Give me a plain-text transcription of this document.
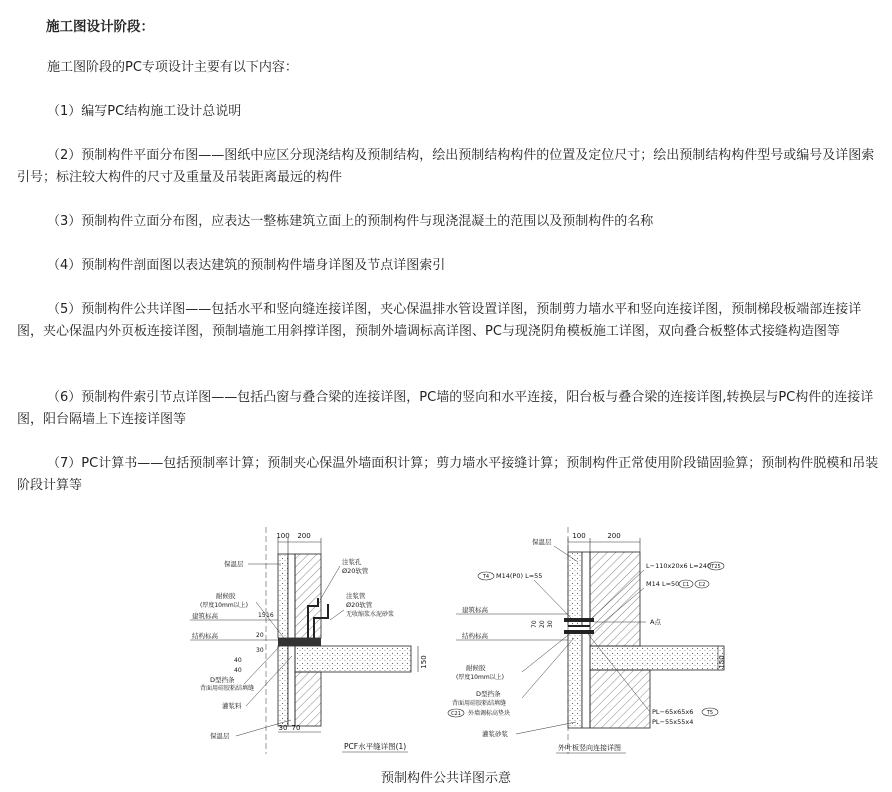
施工图设计阶段：

施工图阶段的PC专项设计主要有以下内容：

（1）编写PC结构施工设计总说明

（2）预制构件平面分布图——图纸中应区分现浇结构及预制结构，绘出预制结构构件的位置及定位尺寸；绘出预制结构构件型号或编号及详图索引号；标注较大构件的尺寸及重量及吊装距离最远的构件

（3）预制构件立面分布图，应表达一整栋建筑立面上的预制构件与现浇混凝土的范围以及预制构件的名称

（4）预制构件剖面图以表达建筑的预制构件墙身详图及节点详图索引

（5）预制构件公共详图——包括水平和竖向缝连接详图，夹心保温排水管设置详图，预制剪力墙水平和竖向连接详图，预制梯段板端部连接详图，夹心保温内外页板连接详图，预制墙施工用斜撑详图，预制外墙调标高详图、PC与现浇阴角模板施工详图，双向叠合板整体式接缝构造图等

（6）预制构件索引节点详图——包括凸窗与叠合梁的连接详图，PC墙的竖向和水平连接，阳台板与叠合梁的连接详图,转换层与PC构件的连接详图，阳台隔墙上下连接详图等

（7）PC计算书——包括预制率计算；预制夹心保温外墙面积计算；剪力墙水平接缝计算；预制构件正常使用阶段锚固验算；预制构件脱模和吊装阶段计算等

100 200
30 70
150
15 16
20
30
40
40
建筑标高
结构标高
保温层
耐候胶
(厚度10mm以上)
D型挡条
背面用硅胶粘结填缝
灌浆料
保温层
注浆孔
Ø20软管
注浆管
Ø20软管
无收缩浆水泥砂浆
PCF水平缝详图(1)
100	200
150
70 20 30
建筑标高
结构标高
保温层
T4 M14(P0) L=55
耐候胶
(厚度10mm以上)
D型挡条
背面用硅胶粘结填缝
C21 外墙调标高垫块
灌浆砂浆
L−110x20x6 L=240 T25
M14 L=50 C1 C2
A点
PL−65x65x6	T5
PL−55x55x4
外叶板竖向连接详图
预制构件公共详图示意
